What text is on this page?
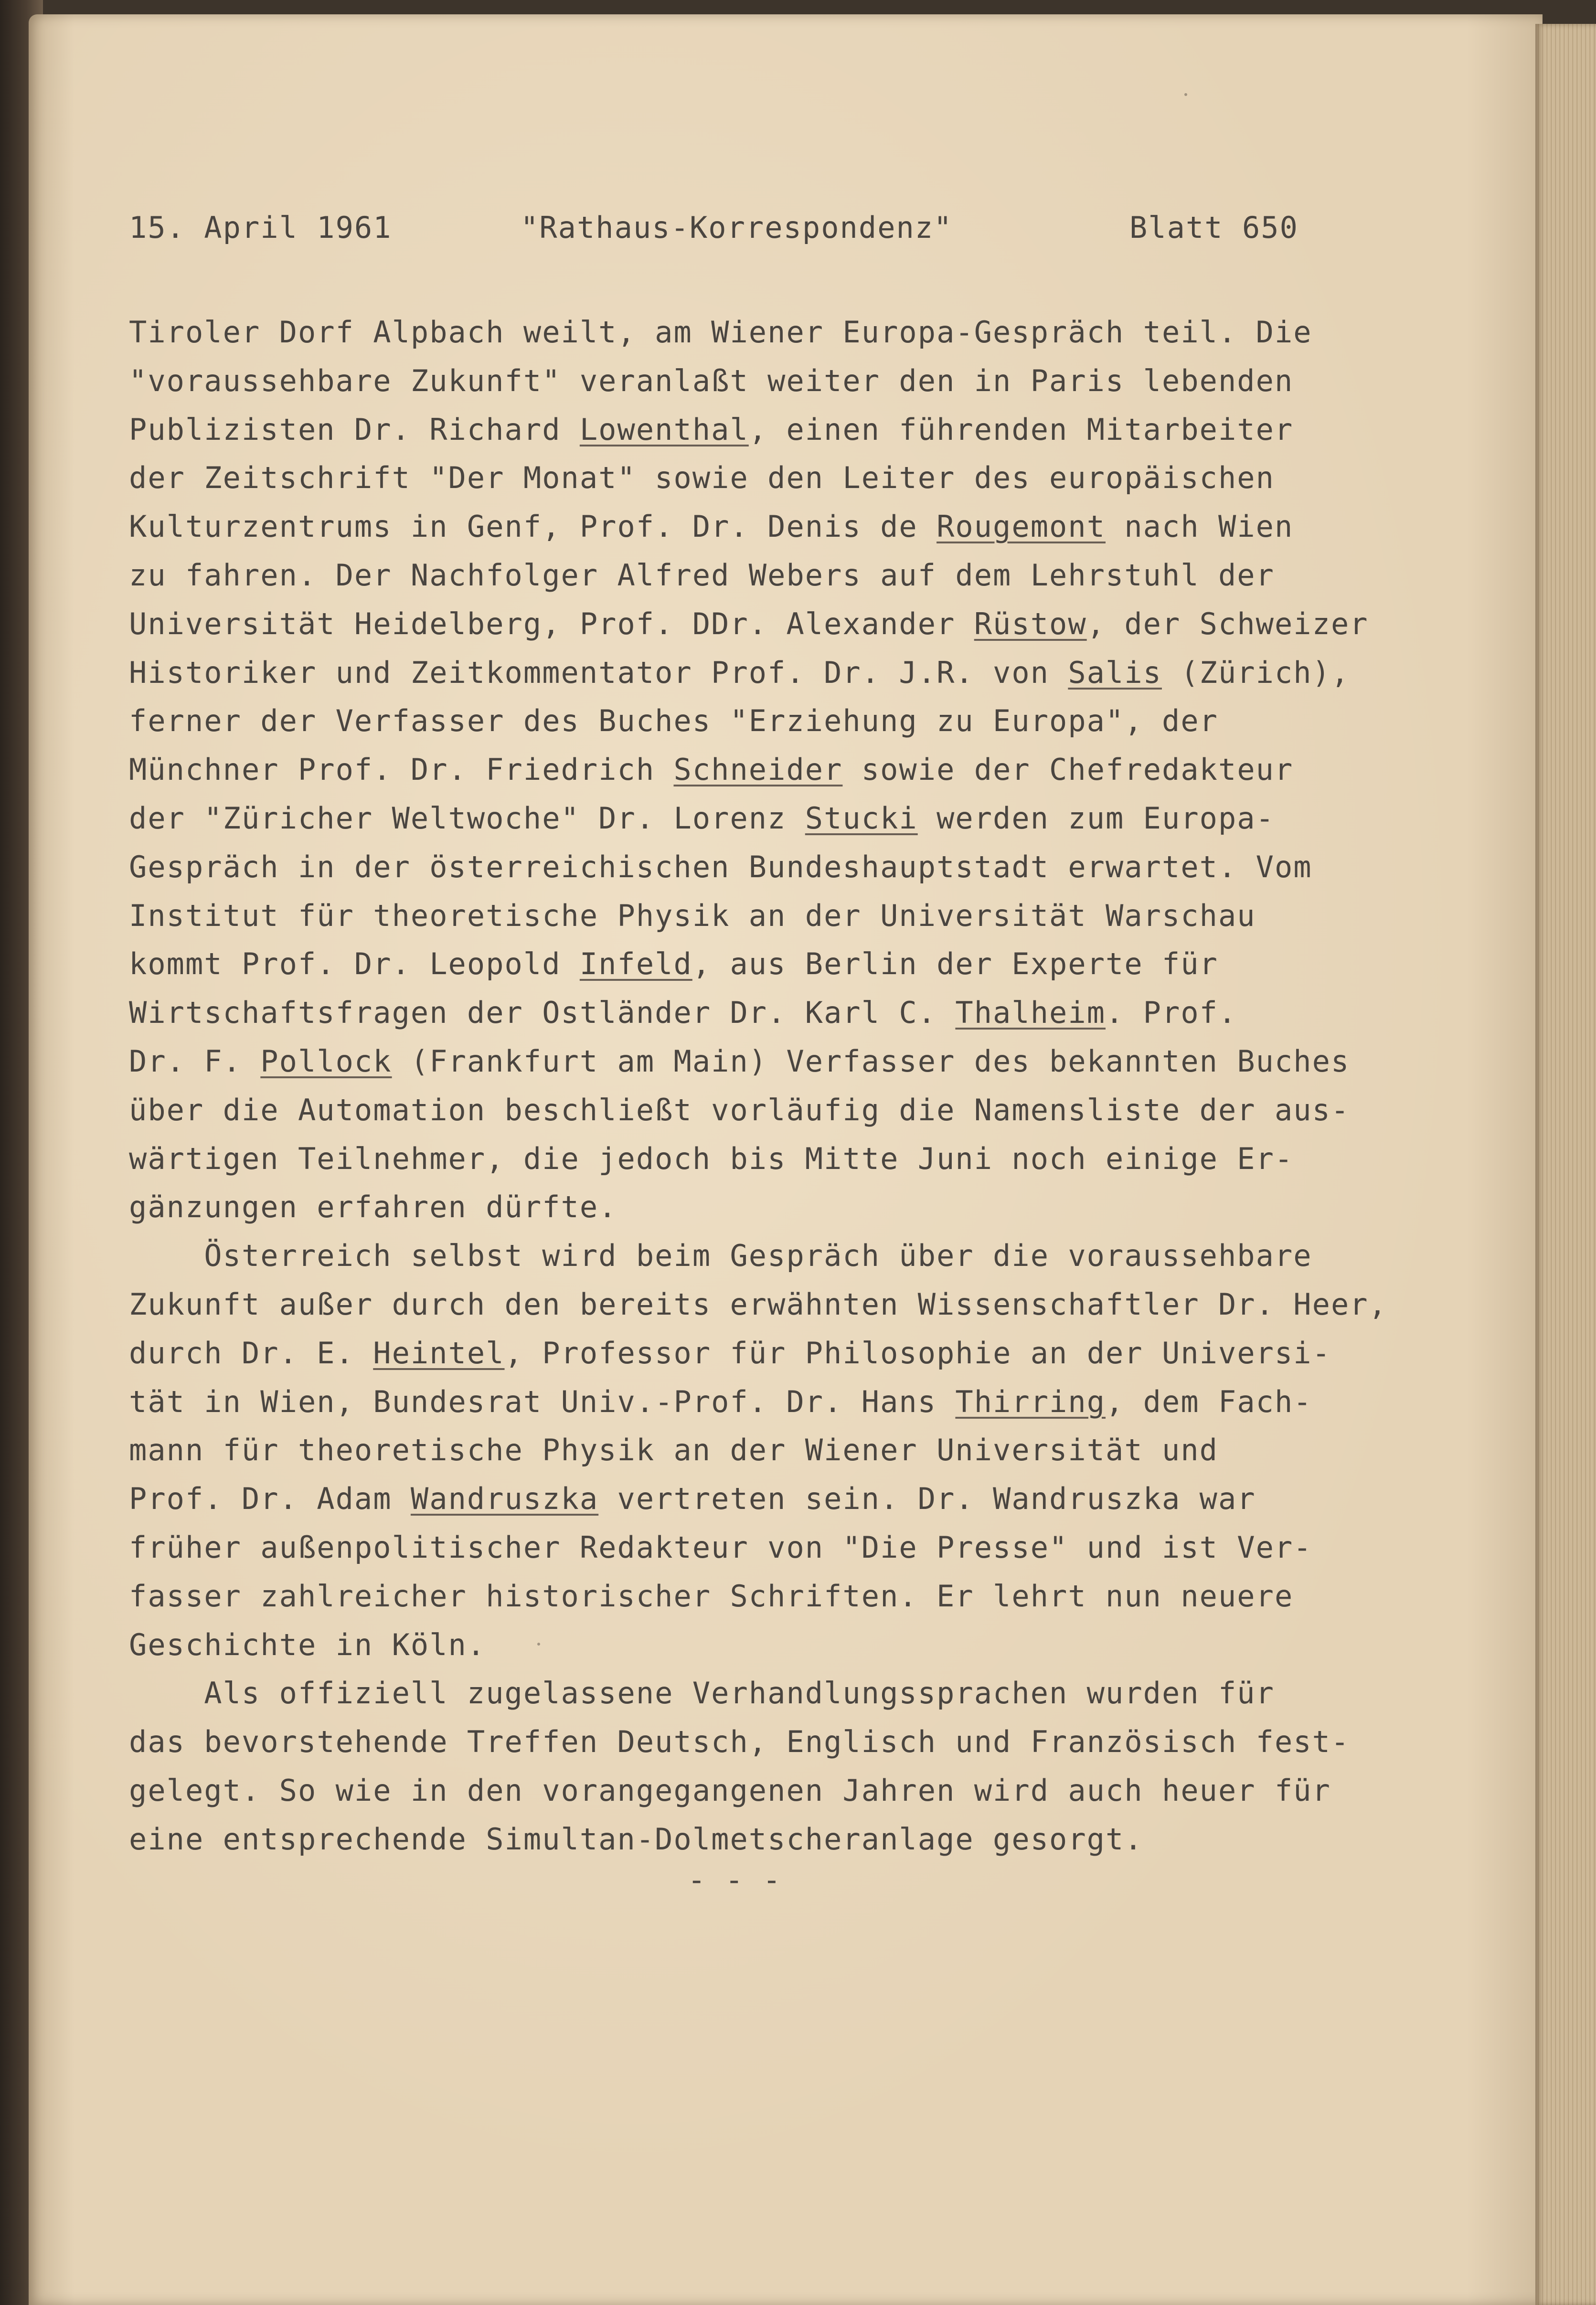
15. April 1961

	"Rathaus-Korrespondenz"

	Blatt 650

Tiroler Dorf Alpbach weilt, am Wiener Europa-Gespräch teil. Die
"voraussehbare Zukunft" veranlaßt weiter den in Paris lebenden
Publizisten Dr. Richard Lowenthal, einen führenden Mitarbeiter
der Zeitschrift "Der Monat" sowie den Leiter des europäischen
Kulturzentrums in Genf, Prof. Dr. Denis de Rougemont nach Wien
zu fahren. Der Nachfolger Alfred Webers auf dem Lehrstuhl der
Universität Heidelberg, Prof. DDr. Alexander Rüstow, der Schweizer
Historiker und Zeitkommentator Prof. Dr. J.R. von Salis (Zürich),
ferner der Verfasser des Buches "Erziehung zu Europa", der
Münchner Prof. Dr. Friedrich Schneider sowie der Chefredakteur
der "Züricher Weltwoche" Dr. Lorenz Stucki werden zum Europa-
Gespräch in der österreichischen Bundeshauptstadt erwartet. Vom
Institut für theoretische Physik an der Universität Warschau
kommt Prof. Dr. Leopold Infeld, aus Berlin der Experte für
Wirtschaftsfragen der Ostländer Dr. Karl C. Thalheim. Prof.
Dr. F. Pollock (Frankfurt am Main) Verfasser des bekannten Buches
über die Automation beschließt vorläufig die Namensliste der aus-
wärtigen Teilnehmer, die jedoch bis Mitte Juni noch einige Er-
gänzungen erfahren dürfte.
Österreich selbst wird beim Gespräch über die voraussehbare
Zukunft außer durch den bereits erwähnten Wissenschaftler Dr. Heer,
durch Dr. E. Heintel, Professor für Philosophie an der Universi-
tät in Wien, Bundesrat Univ.-Prof. Dr. Hans Thirring, dem Fach-
mann für theoretische Physik an der Wiener Universität und
Prof. Dr. Adam Wandruszka vertreten sein. Dr. Wandruszka war
früher außenpolitischer Redakteur von "Die Presse" und ist Ver-
fasser zahlreicher historischer Schriften. Er lehrt nun neuere
Geschichte in Köln.
Als offiziell zugelassene Verhandlungssprachen wurden für
das bevorstehende Treffen Deutsch, Englisch und Französisch fest-
gelegt. So wie in den vorangegangenen Jahren wird auch heuer für
eine entsprechende Simultan-Dolmetscheranlage gesorgt.
- - -
